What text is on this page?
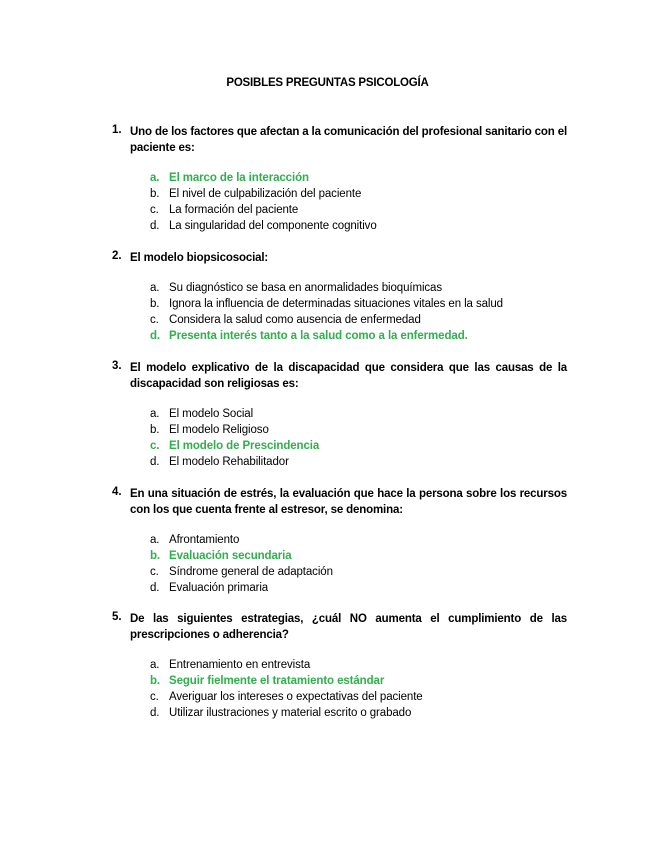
POSIBLES PREGUNTAS PSICOLOGÍA
1. Uno de los factores que afectan a la comunicación del profesional sanitario con el paciente es:
a. El marco de la interacción
b. El nivel de culpabilización del paciente
c. La formación del paciente
d. La singularidad del componente cognitivo
2. El modelo biopsicosocial:
a. Su diagnóstico se basa en anormalidades bioquímicas
b. Ignora la influencia de determinadas situaciones vitales en la salud
c. Considera la salud como ausencia de enfermedad
d. Presenta interés tanto a la salud como a la enfermedad.
3. El modelo explicativo de la discapacidad que considera que las causas de la discapacidad son religiosas es:
a. El modelo Social
b. El modelo Religioso
c. El modelo de Prescindencia
d. El modelo Rehabilitador
4. En una situación de estrés, la evaluación que hace la persona sobre los recursos con los que cuenta frente al estresor, se denomina:
a. Afrontamiento
b. Evaluación secundaria
c. Síndrome general de adaptación
d. Evaluación primaria
5. De las siguientes estrategias, ¿cuál NO aumenta el cumplimiento de las prescripciones o adherencia?
a. Entrenamiento en entrevista
b. Seguir fielmente el tratamiento estándar
c. Averiguar los intereses o expectativas del paciente
d. Utilizar ilustraciones y material escrito o grabado
